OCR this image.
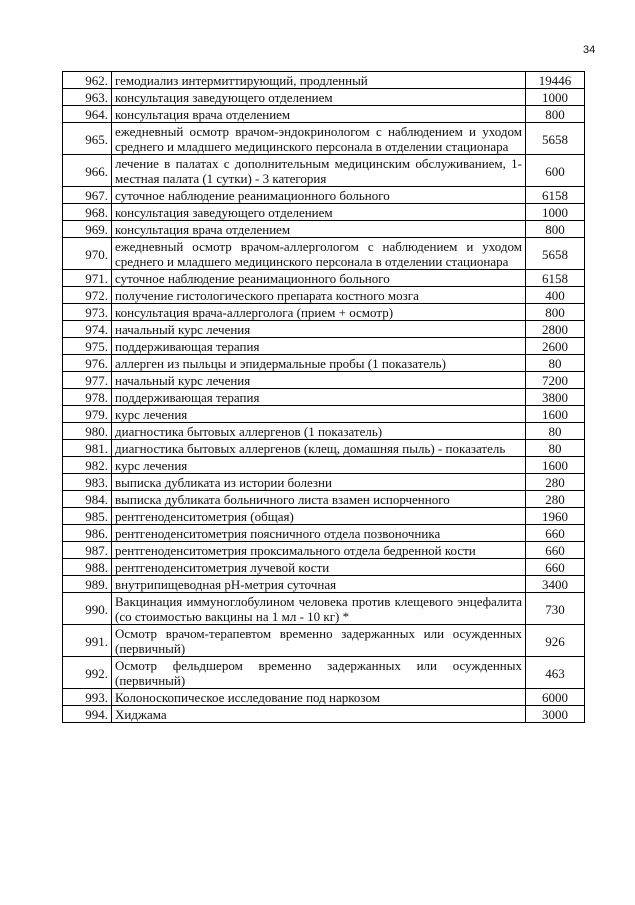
34
962.	гемодиализ интермиттирующий, продленный	19446
963.	консультация заведующего отделением	1000
964.	консультация врача отделением	800
965.	ежедневный осмотр врачом-эндокринологом с наблюдением и уходом среднего и младшего медицинского персонала в отделении стационара	5658
966.	лечение в палатах с дополнительным медицинским обслуживанием, 1-местная палата (1 сутки) - 3 категория	600
967.	суточное наблюдение реанимационного больного	6158
968.	консультация заведующего отделением	1000
969.	консультация врача отделением	800
970.	ежедневный осмотр врачом-аллергологом с наблюдением и уходом среднего и младшего медицинского персонала в отделении стационара	5658
971.	суточное наблюдение реанимационного больного	6158
972.	получение гистологического препарата костного мозга	400
973.	консультация врача-аллерголога (прием + осмотр)	800
974.	начальный курс лечения	2800
975.	поддерживающая терапия	2600
976.	аллерген из пыльцы и эпидермальные пробы (1 показатель)	80
977.	начальный курс лечения	7200
978.	поддерживающая терапия	3800
979.	курс лечения	1600
980.	диагностика бытовых аллергенов (1 показатель)	80
981.	диагностика бытовых аллергенов (клещ, домашняя пыль) - показатель	80
982.	курс лечения	1600
983.	выписка дубликата из истории болезни	280
984.	выписка дубликата больничного листа взамен испорченного	280
985.	рентгеноденситометрия (общая)	1960
986.	рентгеноденситометрия поясничного отдела позвоночника	660
987.	рентгеноденситометрия проксимального отдела бедренной кости	660
988.	рентгеноденситометрия лучевой кости	660
989.	внутрипищеводная рН-метрия суточная	3400
990.	Вакцинация иммуноглобулином человека против клещевого энцефалита (со стоимостью вакцины на 1 мл - 10 кг) *	730
991.	Осмотр врачом-терапевтом временно задержанных или осужденных (первичный)	926
992.	Осмотр фельдшером временно задержанных или осужденных (первичный)	463
993.	Колоноскопическое исследование под наркозом	6000
994.	Хиджама	3000
